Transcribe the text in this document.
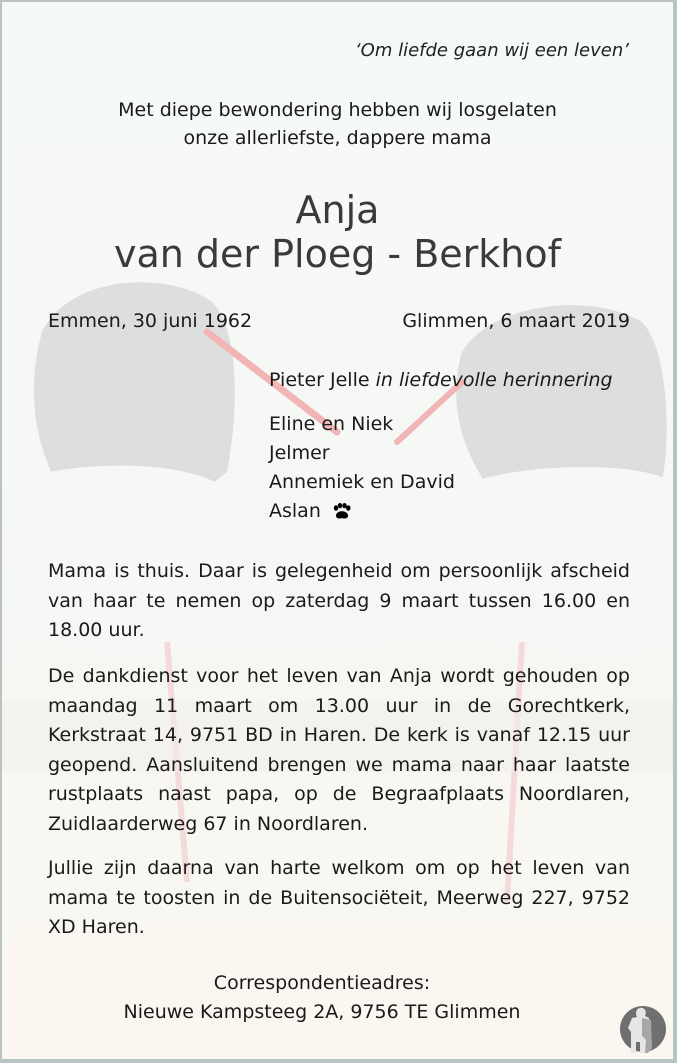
‘Om liefde gaan wij een leven’
Met diepe bewondering hebben wij losgelaten
onze allerliefste, dappere mama
Anja
van der Ploeg - Berkhof
Emmen, 30 juni 1962	Glimmen, 6 maart 2019
Pieter Jelle in liefdevolle herinnering
Eline en Niek
Jelmer
Annemiek en David
Aslan
Mama is thuis. Daar is gelegenheid om persoonlijk afscheid van haar te nemen op zaterdag 9 maart tussen 16.00 en 18.00 uur.
De dankdienst voor het leven van Anja wordt gehouden op maandag 11 maart om 13.00 uur in de Gorechtkerk, Kerkstraat 14, 9751 BD in Haren. De kerk is vanaf 12.15 uur geopend. Aansluitend brengen we mama naar haar laatste rustplaats naast papa, op de Begraafplaats Noordlaren, Zuidlaarderweg 67 in Noordlaren.
Jullie zijn daarna van harte welkom om op het leven van mama te toosten in de Buitensociëteit, Meerweg 227, 9752 XD Haren.
Correspondentieadres:
Nieuwe Kampsteeg 2A, 9756 TE Glimmen
